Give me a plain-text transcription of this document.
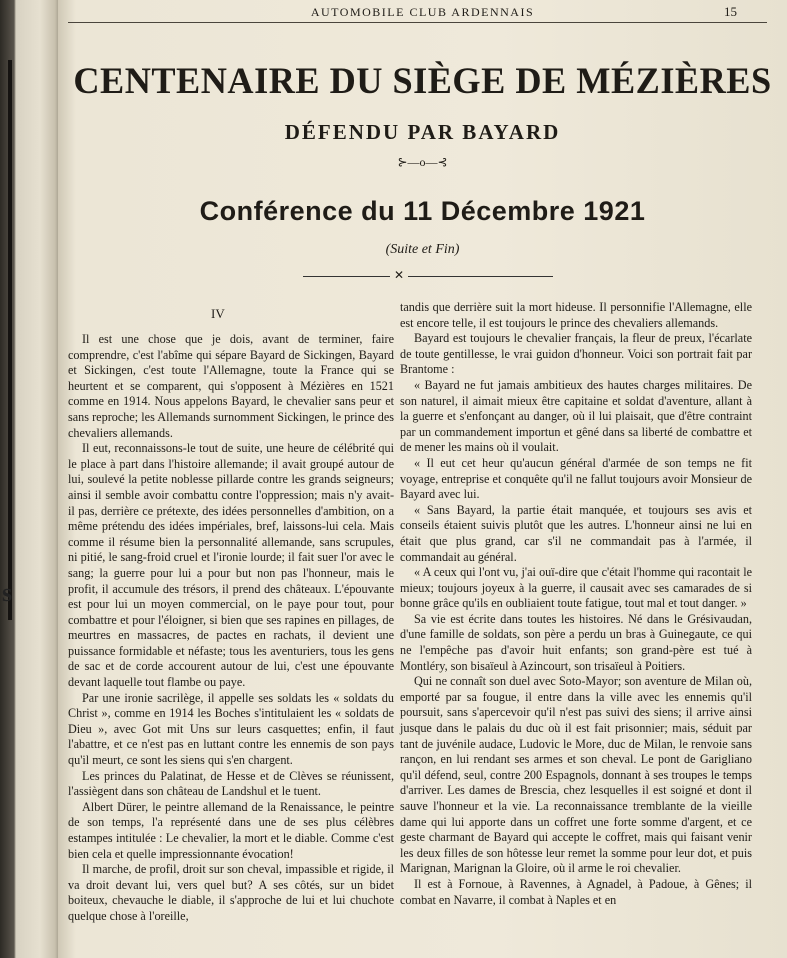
s
AUTOMOBILE CLUB ARDENNAIS	15
CENTENAIRE DU SIÈGE DE MÉZIÈRES
DÉFENDU PAR BAYARD
⊱—o—⊰
Conférence du 11 Décembre 1921
(Suite et Fin)
✕
IV

Il est une chose que je dois, avant de terminer, faire comprendre, c'est l'abîme qui sépare Bayard de Sickingen, Bayard et Sickingen, c'est toute l'Allemagne, toute la France qui se heurtent et se comparent, qui s'opposent à Mézières en 1521 comme en 1914. Nous appelons Bayard, le chevalier sans peur et sans reproche; les Allemands surnomment Sickingen, le prince des chevaliers allemands.

Il eut, reconnaissons-le tout de suite, une heure de célébrité qui le place à part dans l'histoire allemande; il avait groupé autour de lui, soulevé la petite noblesse pillarde contre les grands seigneurs; ainsi il semble avoir combattu contre l'oppression; mais n'y avait-il pas, derrière ce prétexte, des idées personnelles d'ambition, on a même prétendu des idées impériales, bref, laissons-lui cela. Mais comme il résume bien la personnalité allemande, sans scrupules, ni pitié, le sang-froid cruel et l'ironie lourde; il fait suer l'or avec le sang; la guerre pour lui a pour but non pas l'honneur, mais le profit, il accumule des trésors, il prend des châteaux. L'épouvante est pour lui un moyen commercial, on le paye pour tout, pour combattre et pour l'éloigner, si bien que ses rapines en pillages, de meurtres en massacres, de pactes en rachats, il devient une puissance formidable et néfaste; tous les aventuriers, tous les gens de sac et de corde accourent autour de lui, c'est une épouvante devant laquelle tout flambe ou paye.

Par une ironie sacrilège, il appelle ses soldats les « soldats du Christ », comme en 1914 les Boches s'intitulaient les « soldats de Dieu », avec Got mit Uns sur leurs casquettes; enfin, il faut l'abattre, et ce n'est pas en luttant contre les ennemis de son pays qu'il meurt, ce sont les siens qui s'en chargent.

Les princes du Palatinat, de Hesse et de Clèves se réunissent, l'assiègent dans son château de Landshul et le tuent.

Albert Dürer, le peintre allemand de la Renaissance, le peintre de son temps, l'a représenté dans une de ses plus célèbres estampes intitulée : Le chevalier, la mort et le diable. Comme c'est bien cela et quelle impressionnante évocation!

Il marche, de profil, droit sur son cheval, impassible et rigide, il va droit devant lui, vers quel but? A ses côtés, sur un bidet boiteux, chevauche le diable, il s'approche de lui et lui chuchote quelque chose à l'oreille,

tandis que derrière suit la mort hideuse. Il personnifie l'Allemagne, elle est encore telle, il est toujours le prince des chevaliers allemands.

Bayard est toujours le chevalier français, la fleur de preux, l'écarlate de toute gentillesse, le vrai guidon d'honneur. Voici son portrait fait par Brantome :

« Bayard ne fut jamais ambitieux des hautes charges militaires. De son naturel, il aimait mieux être capitaine et soldat d'aventure, allant à la guerre et s'enfonçant au danger, où il lui plaisait, que d'être contraint par un commandement importun et gêné dans sa liberté de combattre et de mener les mains où il voulait.

« Il eut cet heur qu'aucun général d'armée de son temps ne fit voyage, entreprise et conquête qu'il ne fallut toujours avoir Monsieur de Bayard avec lui.

« Sans Bayard, la partie était manquée, et toujours ses avis et conseils étaient suivis plutôt que les autres. L'honneur ainsi ne lui en était que plus grand, car s'il ne commandait pas à l'armée, il commandait au général.

« A ceux qui l'ont vu, j'ai ouï-dire que c'était l'homme qui racontait le mieux; toujours joyeux à la guerre, il causait avec ses camarades de si bonne grâce qu'ils en oubliaient toute fatigue, tout mal et tout danger. »

Sa vie est écrite dans toutes les histoires. Né dans le Grésivaudan, d'une famille de soldats, son père a perdu un bras à Guinegaute, ce qui ne l'empêche pas d'avoir huit enfants; son grand-père est tué à Montléry, son bisaïeul à Azincourt, son trisaïeul à Poitiers.

Qui ne connaît son duel avec Soto-Mayor; son aventure de Milan où, emporté par sa fougue, il entre dans la ville avec les ennemis qu'il poursuit, sans s'apercevoir qu'il n'est pas suivi des siens; il arrive ainsi jusque dans le palais du duc où il est fait prisonnier; mais, séduit par tant de juvénile audace, Ludovic le More, duc de Milan, le renvoie sans rançon, en lui rendant ses armes et son cheval. Le pont de Garigliano qu'il défend, seul, contre 200 Espagnols, donnant à ses troupes le temps d'arriver. Les dames de Brescia, chez lesquelles il est soigné et dont il sauve l'honneur et la vie. La reconnaissance tremblante de la vieille dame qui lui apporte dans un coffret une forte somme d'argent, et ce geste charmant de Bayard qui accepte le coffret, mais qui faisant venir les deux filles de son hôtesse leur remet la somme pour leur dot, et puis Marignan, Marignan la Gloire, où il arme le roi chevalier.

Il est à Fornoue, à Ravennes, à Agnadel, à Padoue, à Gênes; il combat en Navarre, il combat à Naples et en
